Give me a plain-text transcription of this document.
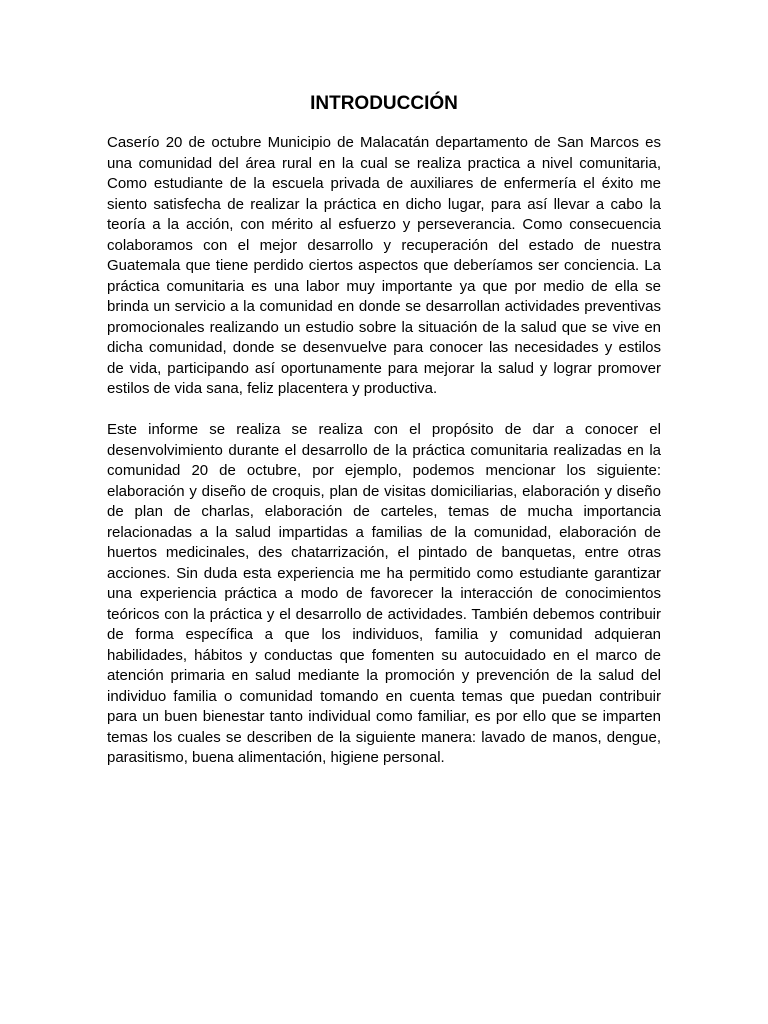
INTRODUCCIÓN

Caserío 20 de octubre Municipio de Malacatán departamento de San Marcos es una comunidad del área rural en la cual se realiza practica a nivel comunitaria, Como estudiante de la escuela privada de auxiliares de enfermería el éxito me siento satisfecha de realizar la práctica en dicho lugar, para así llevar a cabo la teoría a la acción, con mérito al esfuerzo y perseverancia. Como consecuencia colaboramos con el mejor desarrollo y recuperación del estado de nuestra Guatemala que tiene perdido ciertos aspectos que deberíamos ser conciencia. La práctica comunitaria es una labor muy importante ya que por medio de ella se brinda un servicio a la comunidad en donde se desarrollan actividades preventivas promocionales realizando un estudio sobre la situación de la salud que se vive en dicha comunidad, donde se desenvuelve para conocer las necesidades y estilos de vida, participando así oportunamente para mejorar la salud y lograr promover estilos de vida sana, feliz placentera y productiva.

Este informe se realiza se realiza con el propósito de dar a conocer el desenvolvimiento durante el desarrollo de la práctica comunitaria realizadas en la comunidad 20 de octubre, por ejemplo, podemos mencionar los siguiente: elaboración y diseño de croquis, plan de visitas domiciliarias, elaboración y diseño de plan de charlas, elaboración de carteles, temas de mucha importancia relacionadas a la salud impartidas a familias de la comunidad, elaboración de huertos medicinales, des chatarrización, el pintado de banquetas, entre otras acciones. Sin duda esta experiencia me ha permitido como estudiante garantizar una experiencia práctica a modo de favorecer la interacción de conocimientos teóricos con la práctica y el desarrollo de actividades. También debemos contribuir de forma específica a que los individuos, familia y comunidad adquieran habilidades, hábitos y conductas que fomenten su autocuidado en el marco de atención primaria en salud mediante la promoción y prevención de la salud del individuo familia o comunidad tomando en cuenta temas que puedan contribuir para un buen bienestar tanto individual como familiar, es por ello que se imparten temas los cuales se describen de la siguiente manera: lavado de manos, dengue, parasitismo, buena alimentación, higiene personal.
